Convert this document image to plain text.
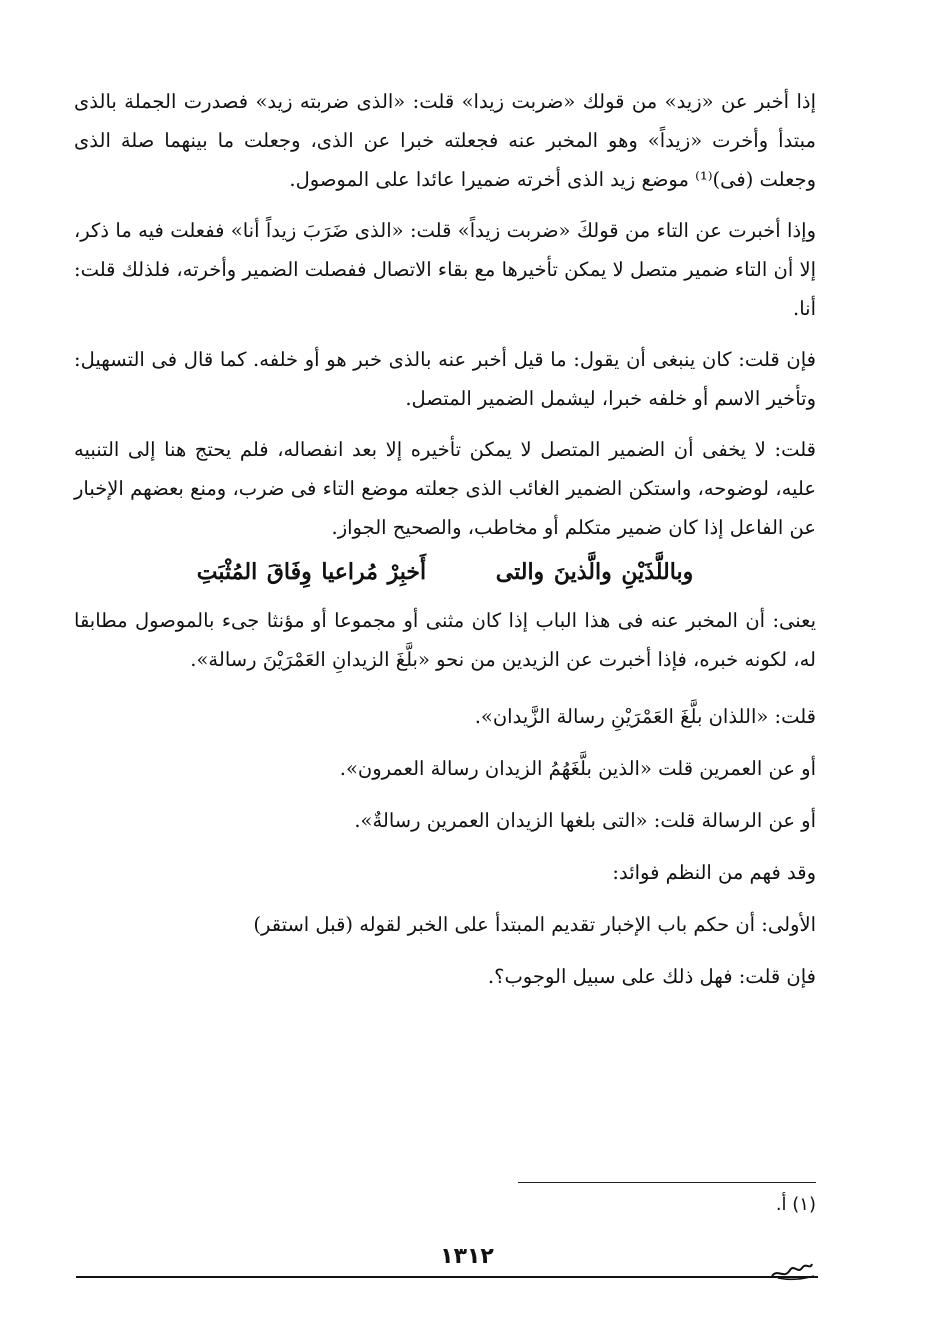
إذا أخبر عن «زيد» من قولك «ضربت زيدا» قلت: «الذى ضربته زيد» فصدرت الجملة بالذى مبتدأ وأخرت «زيداً» وهو المخبر عنه فجعلته خبرا عن الذى، وجعلت ما بينهما صلة الذى وجعلت (فى)⁽¹⁾ موضع زيد الذى أخرته ضميرا عائدا على الموصول.

وإذا أخبرت عن التاء من قولكَ «ضربت زيداً» قلت: «الذى ضَرَبَ زيداً أنا» ففعلت فيه ما ذكر، إلا أن التاء ضمير متصل لا يمكن تأخيرها مع بقاء الاتصال ففصلت الضمير وأخرته، فلذلك قلت: أنا.

فإن قلت: كان ينبغى أن يقول: ما قيل أخبر عنه بالذى خبر هو أو خلفه. كما قال فى التسهيل: وتأخير الاسم أو خلفه خبرا، ليشمل الضمير المتصل.

قلت: لا يخفى أن الضمير المتصل لا يمكن تأخيره إلا بعد انفصاله، فلم يحتج هنا إلى التنبيه عليه، لوضوحه، واستكن الضمير الغائب الذى جعلته موضع التاء فى ضرب، ومنع بعضهم الإخبار عن الفاعل إذا كان ضمير متكلم أو مخاطب، والصحيح الجواز.

وباللَّذَيْنِ والَّذينَ والتى أَخبِرْ مُراعيا وِفَاقَ المُثْبَتِ

يعنى: أن المخبر عنه فى هذا الباب إذا كان مثنى أو مجموعا أو مؤنثا جىء بالموصول مطابقا له، لكونه خبره، فإذا أخبرت عن الزيدين من نحو «بلَّغَ الزيدانِ العَمْرَيْنَ رسالة».

قلت: «اللذان بلَّغَ العَمْرَيْنِ رسالة الزَّيدان».

أو عن العمرين قلت «الذين بلَّغَهُمُ الزيدان رسالة العمرون».

أو عن الرسالة قلت: «التى بلغها الزيدان العمرين رسالةٌ».

وقد فهم من النظم فوائد:

الأولى: أن حكم باب الإخبار تقديم المبتدأ على الخبر لقوله (قبل استقر)

فإن قلت: فهل ذلك على سبيل الوجوب؟.

(١) أ.
١٣١٢
